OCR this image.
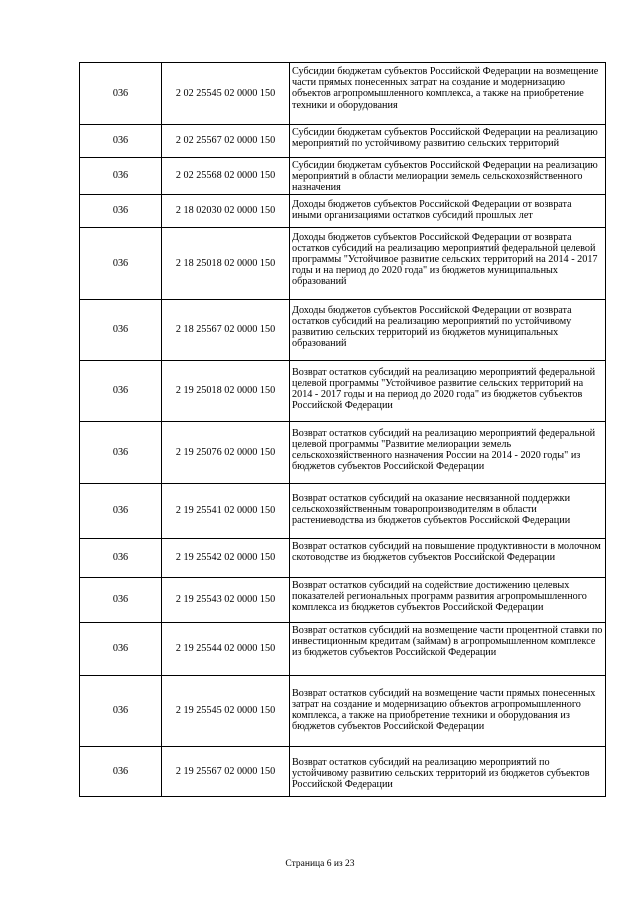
036	2 02 25545 02 0000 150	Субсидии бюджетам субъектов Российской Федерации на возмещение части прямых понесенных затрат на создание и модернизацию объектов агропромышленного комплекса, а также на приобретение техники и оборудования
036	2 02 25567 02 0000 150	Субсидии бюджетам субъектов Российской Федерации на реализацию мероприятий по устойчивому развитию сельских территорий
036	2 02 25568 02 0000 150	Субсидии бюджетам субъектов Российской Федерации на реализацию мероприятий в области мелиорации земель сельскохозяйственного назначения
036	2 18 02030 02 0000 150	Доходы бюджетов субъектов Российской Федерации от возврата иными организациями остатков субсидий прошлых лет
036	2 18 25018 02 0000 150	Доходы бюджетов субъектов Российской Федерации от возврата остатков субсидий на реализацию мероприятий федеральной целевой программы "Устойчивое развитие сельских территорий на 2014 - 2017 годы и на период до 2020 года" из бюджетов муниципальных образований
036	2 18 25567 02 0000 150	Доходы бюджетов субъектов Российской Федерации от возврата остатков субсидий на реализацию мероприятий по устойчивому развитию сельских территорий из бюджетов муниципальных образований
036	2 19 25018 02 0000 150	Возврат остатков субсидий на реализацию мероприятий федеральной целевой программы "Устойчивое развитие сельских территорий на 2014 - 2017 годы и на период до 2020 года" из бюджетов субъектов Российской Федерации
036	2 19 25076 02 0000 150	Возврат остатков субсидий на реализацию мероприятий федеральной целевой программы "Развитие мелиорации земель сельскохозяйственного назначения России на 2014 - 2020 годы" из бюджетов субъектов Российской Федерации
036	2 19 25541 02 0000 150	Возврат остатков субсидий на оказание несвязанной поддержки сельскохозяйственным товаропроизводителям в области растениеводства из бюджетов субъектов Российской Федерации
036	2 19 25542 02 0000 150	Возврат остатков субсидий на повышение продуктивности в молочном скотоводстве из бюджетов субъектов Российской Федерации
036	2 19 25543 02 0000 150	Возврат остатков субсидий на содействие достижению целевых показателей региональных программ развития агропромышленного комплекса из бюджетов субъектов Российской Федерации
036	2 19 25544 02 0000 150	Возврат остатков субсидий на возмещение части процентной ставки по инвестиционным кредитам (займам) в агропромышленном комплексе из бюджетов субъектов Российской Федерации
036	2 19 25545 02 0000 150	Возврат остатков субсидий на возмещение части прямых понесенных затрат на создание и модернизацию объектов агропромышленного комплекса, а также на приобретение техники и оборудования из бюджетов субъектов Российской Федерации
036	2 19 25567 02 0000 150	Возврат остатков субсидий на реализацию мероприятий по устойчивому развитию сельских территорий из бюджетов субъектов Российской Федерации
Страница 6 из 23
